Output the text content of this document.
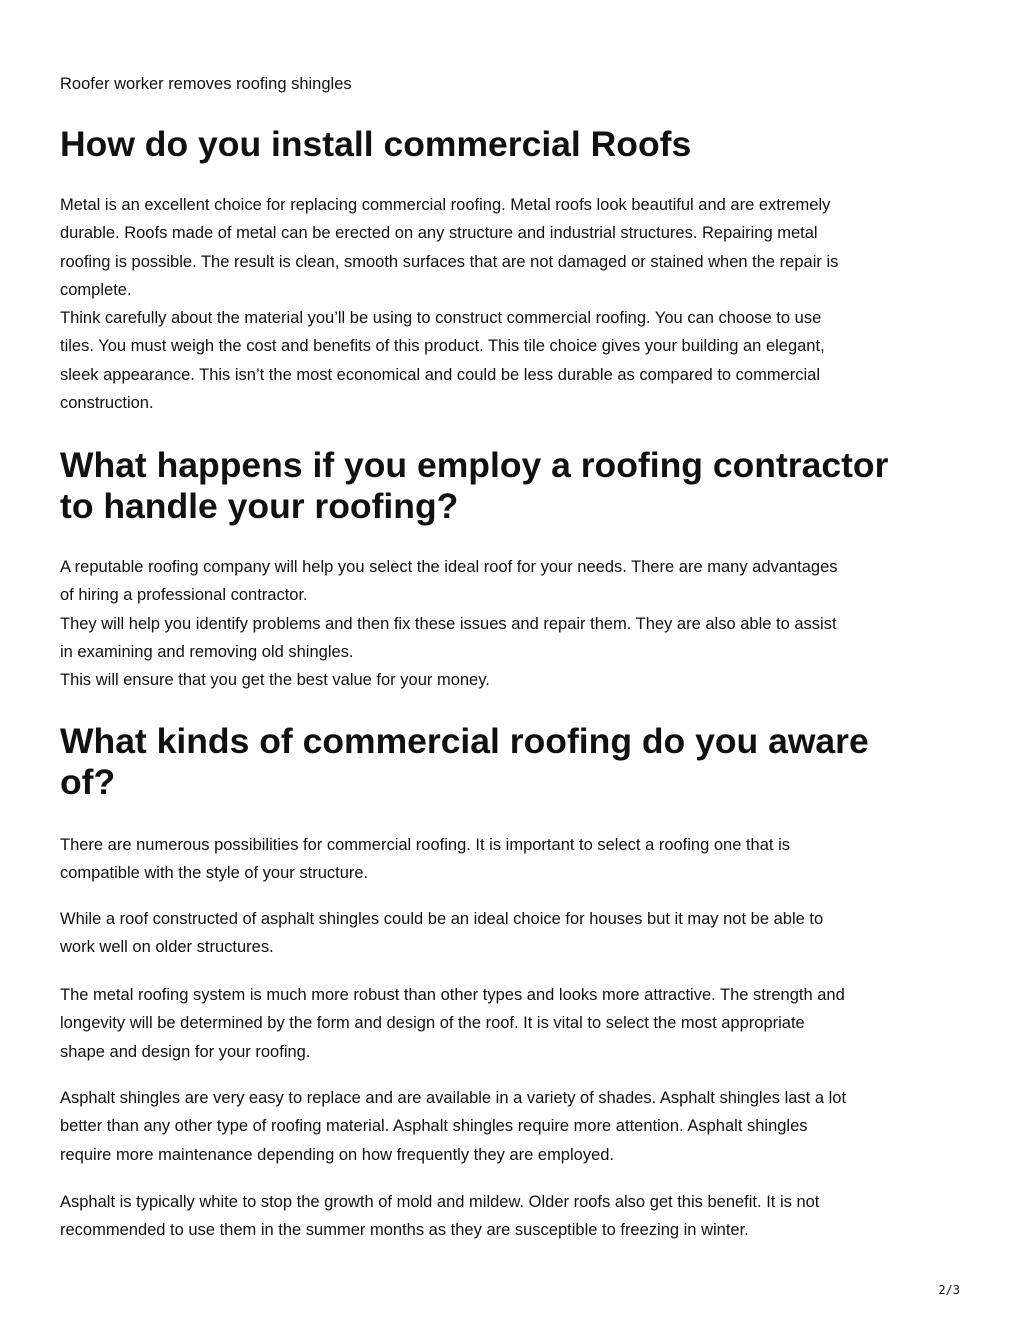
Roofer worker removes roofing shingles

How do you install commercial Roofs
Metal is an excellent choice for replacing commercial roofing. Metal roofs look beautiful and are extremely
durable. Roofs made of metal can be erected on any structure and industrial structures. Repairing metal
roofing is possible. The result is clean, smooth surfaces that are not damaged or stained when the repair is
complete.
Think carefully about the material you’ll be using to construct commercial roofing. You can choose to use
tiles. You must weigh the cost and benefits of this product. This tile choice gives your building an elegant,
sleek appearance. This isn’t the most economical and could be less durable as compared to commercial
construction.
What happens if you employ a roofing contractor
to handle your roofing?
A reputable roofing company will help you select the ideal roof for your needs. There are many advantages
of hiring a professional contractor.
They will help you identify problems and then fix these issues and repair them. They are also able to assist
in examining and removing old shingles.
This will ensure that you get the best value for your money.
What kinds of commercial roofing do you aware
of?
There are numerous possibilities for commercial roofing. It is important to select a roofing one that is
compatible with the style of your structure.
While a roof constructed of asphalt shingles could be an ideal choice for houses but it may not be able to
work well on older structures.
The metal roofing system is much more robust than other types and looks more attractive. The strength and
longevity will be determined by the form and design of the roof. It is vital to select the most appropriate
shape and design for your roofing.
Asphalt shingles are very easy to replace and are available in a variety of shades. Asphalt shingles last a lot
better than any other type of roofing material. Asphalt shingles require more attention. Asphalt shingles
require more maintenance depending on how frequently they are employed.
Asphalt is typically white to stop the growth of mold and mildew. Older roofs also get this benefit. It is not
recommended to use them in the summer months as they are susceptible to freezing in winter.
2/3
